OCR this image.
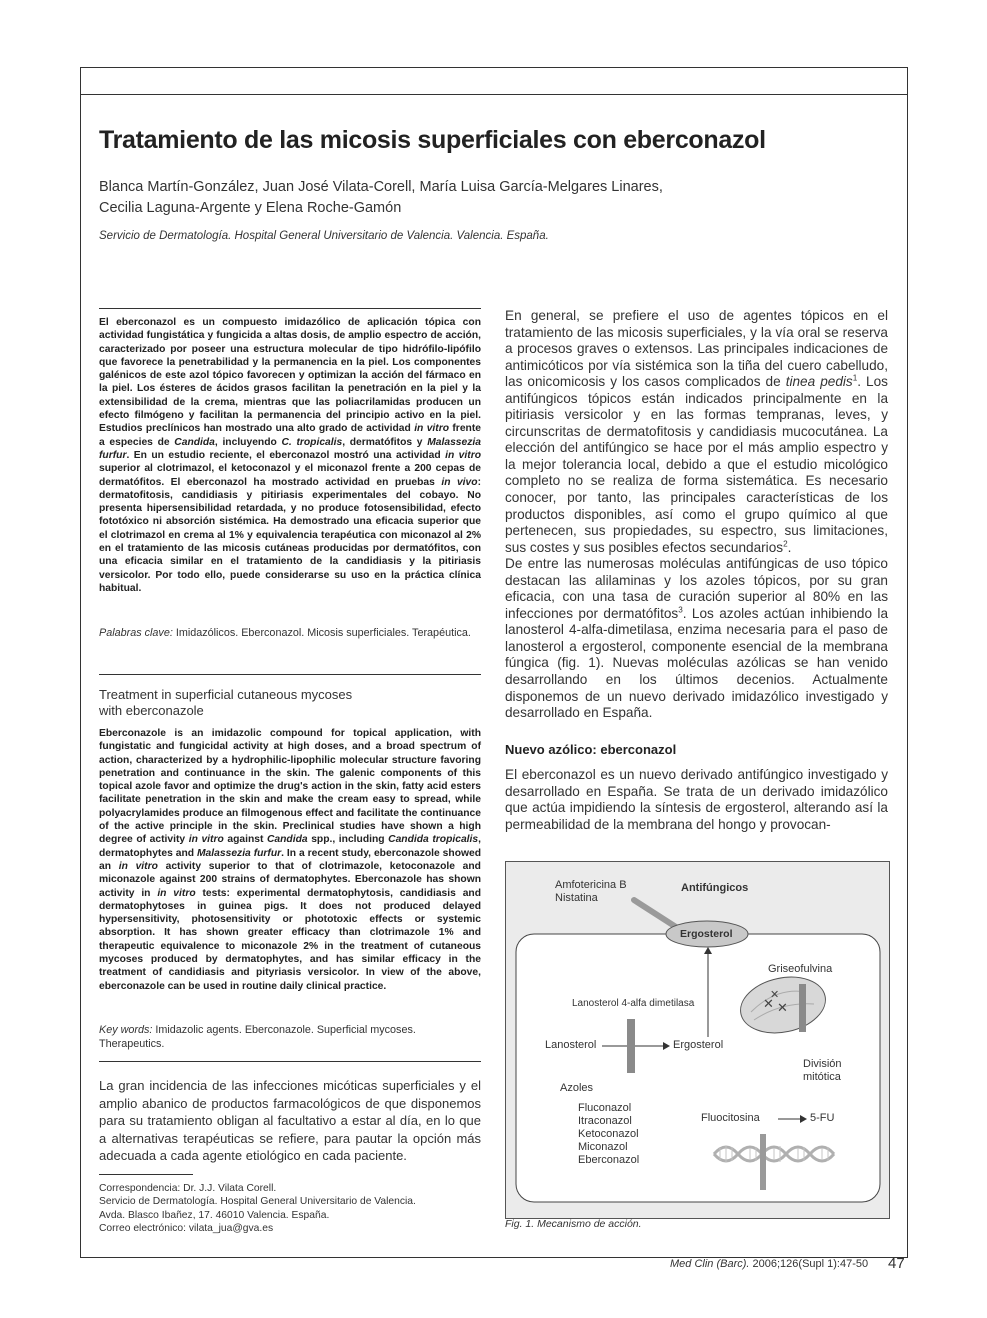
Tratamiento de las micosis superficiales con eberconazol
Blanca Martín-González, Juan José Vilata-Corell, María Luisa García-Melgares Linares,
Cecilia Laguna-Argente y Elena Roche-Gamón
Servicio de Dermatología. Hospital General Universitario de Valencia. Valencia. España.
El eberconazol es un compuesto imidazólico de aplicación tópica con actividad fungistática y fungicida a altas dosis, de amplio espectro de acción, caracterizado por poseer una estructura molecular de tipo hidrófilo-lipófilo que favorece la penetrabilidad y la permanencia en la piel. Los componentes galénicos de este azol tópico favorecen y optimizan la acción del fármaco en la piel. Los ésteres de ácidos grasos facilitan la penetración en la piel y la extensibilidad de la crema, mientras que las poliacrilamidas producen un efecto filmógeno y facilitan la permanencia del principio activo en la piel. Estudios preclínicos han mostrado una alto grado de actividad in vitro frente a especies de Candida, incluyendo C. tropicalis, dermatófitos y Malassezia furfur. En un estudio reciente, el eberconazol mostró una actividad in vitro superior al clotrimazol, el ketoconazol y el miconazol frente a 200 cepas de dermatófitos. El eberconazol ha mostrado actividad en pruebas in vivo: dermatofitosis, candidiasis y pitiriasis experimentales del cobayo. No presenta hipersensibilidad retardada, y no produce fotosensibilidad, efecto fototóxico ni absorción sistémica. Ha demostrado una eficacia superior que el clotrimazol en crema al 1% y equivalencia terapéutica con miconazol al 2% en el tratamiento de las micosis cutáneas producidas por dermatófitos, con una eficacia similar en el tratamiento de la candidiasis y la pitiriasis versicolor. Por todo ello, puede considerarse su uso en la práctica clínica habitual.
Palabras clave: Imidazólicos. Eberconazol. Micosis superficiales. Terapéutica.
Treatment in superficial cutaneous mycoses
with eberconazole
Eberconazole is an imidazolic compound for topical application, with fungistatic and fungicidal activity at high doses, and a broad spectrum of action, characterized by a hydrophilic-lipophilic molecular structure favoring penetration and continuance in the skin. The galenic components of this topical azole favor and optimize the drug's action in the skin, fatty acid esters facilitate penetration in the skin and make the cream easy to spread, while polyacrylamides produce an filmogenous effect and facilitate the continuance of the active principle in the skin. Preclinical studies have shown a high degree of activity in vitro against Candida spp., including Candida tropicalis, dermatophytes and Malassezia furfur. In a recent study, eberconazole showed an in vitro activity superior to that of clotrimazole, ketoconazole and miconazole against 200 strains of dermatophytes. Eberconazole has shown activity in in vitro tests: experimental dermatophytosis, candidiasis and dermatophytoses in guinea pigs. It does not produced delayed hypersensitivity, photosensitivity or phototoxic effects or systemic absorption. It has shown greater efficacy than clotrimazole 1% and therapeutic equivalence to miconazole 2% in the treatment of cutaneous mycoses produced by dermatophytes, and has similar efficacy in the treatment of candidiasis and pityriasis versicolor. In view of the above, eberconazole can be used in routine daily clinical practice.
Key words: Imidazolic agents. Eberconazole. Superficial mycoses. Therapeutics.
La gran incidencia de las infecciones micóticas superficiales y el amplio abanico de productos farmacológicos de que disponemos para su tratamiento obligan al facultativo a estar al día, en lo que a alternativas terapéuticas se refiere, para pautar la opción más adecuada a cada agente etiológico en cada paciente.
Correspondencia: Dr. J.J. Vilata Corell.
Servicio de Dermatología. Hospital General Universitario de Valencia.
Avda. Blasco Ibañez, 17. 46010 Valencia. España.
Correo electrónico: vilata_jua@gva.es

En general, se prefiere el uso de agentes tópicos en el tratamiento de las micosis superficiales, y la vía oral se reserva a procesos graves o extensos. Las principales indicaciones de antimicóticos por vía sistémica son la tiña del cuero cabelludo, las onicomicosis y los casos complicados de tinea pedis$^1$. Los antifúngicos tópicos están indicados principalmente en la pitiriasis versicolor y en las formas tempranas, leves, y circunscritas de dermatofitosis y candidiasis mucocutánea. La elección del antifúngico se hace por el más amplio espectro y la mejor tolerancia local, debido a que el estudio micológico completo no se realiza de forma sistemática. Es necesario conocer, por tanto, las principales características de los productos disponibles, así como el grupo químico al que pertenecen, sus propiedades, su espectro, sus limitaciones, sus costes y sus posibles efectos secundarios$^2$.

De entre las numerosas moléculas antifúngicas de uso tópico destacan las alilaminas y los azoles tópicos, por su gran eficacia, con una tasa de curación superior al 80% en las infecciones por dermatófitos$^3$. Los azoles actúan inhibiendo la lanosterol 4-alfa-dimetilasa, enzima necesaria para el paso de lanosterol a ergosterol, componente esencial de la membrana fúngica (fig. 1). Nuevas moléculas azólicas se han venido desarrollando en los últimos decenios. Actualmente disponemos de un nuevo derivado imidazólico investigado y desarrollado en España.

Nuevo azólico: eberconazol
El eberconazol es un nuevo derivado antifúngico investigado y desarrollado en España. Se trata de un derivado imidazólico que actúa impidiendo la síntesis de ergosterol, alterando así la permeabilidad de la membrana del hongo y provocan-
✕ ✕
✕
Amfotericina B
Nistatina
Antifúngicos
Ergosterol
Griseofulvina
Lanosterol 4-alfa dimetilasa
Lanosterol	Ergosterol
División
mitótica
Azoles
Fluconazol
Itraconazol
Ketoconazol
Miconazol
Eberconazol
Fluocitosina	5-FU
Fig. 1. Mecanismo de acción.
Med Clin (Barc). 2006;126(Supl 1):47-50 47
